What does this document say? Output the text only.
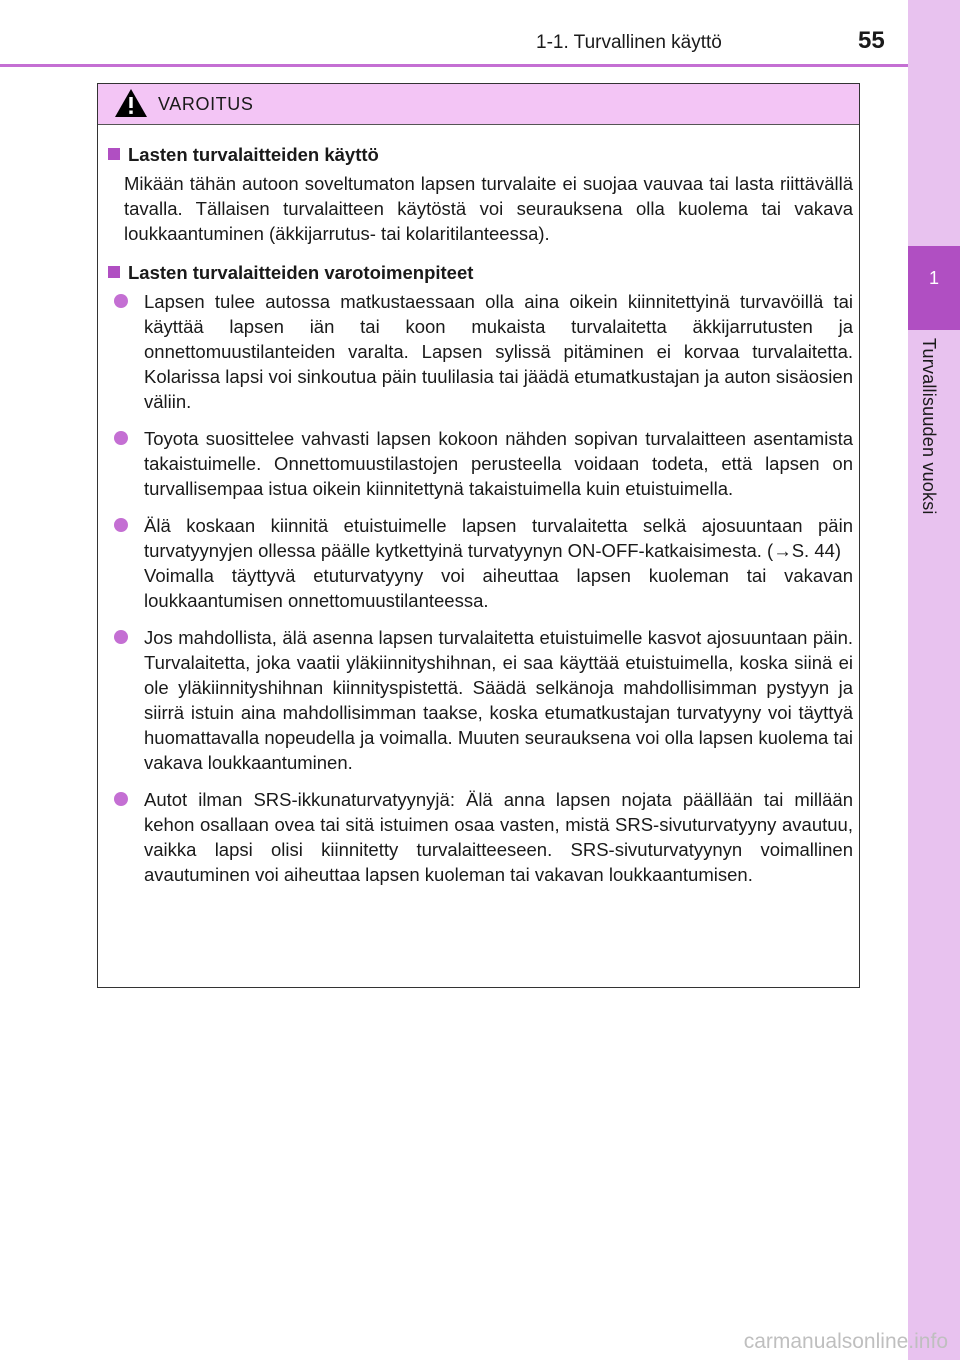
1-1. Turvallinen käyttö	55
1
Turvallisuuden vuoksi
VAROITUS
Lasten turvalaitteiden käyttö

Mikään tähän autoon soveltumaton lapsen turvalaite ei suojaa vauvaa tai lasta riittävällä tavalla. Tällaisen turvalaitteen käytöstä voi seurauksena olla kuolema tai vakava loukkaantuminen (äkkijarrutus- tai kolaritilanteessa).

Lasten turvalaitteiden varotoimenpiteet
Lapsen tulee autossa matkustaessaan olla aina oikein kiinnitettyinä turvavöillä tai käyttää lapsen iän tai koon mukaista turvalaitetta äkkijarrutusten ja onnettomuustilanteiden varalta. Lapsen sylissä pitäminen ei korvaa turvalaitetta. Kolarissa lapsi voi sinkoutua päin tuulilasia tai jäädä etumatkustajan ja auton sisäosien väliin.
Toyota suosittelee vahvasti lapsen kokoon nähden sopivan turvalaitteen asentamista takaistuimelle. Onnettomuustilastojen perusteella voidaan todeta, että lapsen on turvallisempaa istua oikein kiinnitettynä takaistuimella kuin etuistuimella.
Älä koskaan kiinnitä etuistuimelle lapsen turvalaitetta selkä ajosuuntaan päin turvatyynyjen ollessa päälle kytkettyinä turvatyynyn ON-OFF-katkaisimesta. (→S. 44)
Voimalla täyttyvä etuturvatyyny voi aiheuttaa lapsen kuoleman tai vakavan loukkaantumisen onnettomuustilanteessa.
Jos mahdollista, älä asenna lapsen turvalaitetta etuistuimelle kasvot ajosuuntaan päin. Turvalaitetta, joka vaatii yläkiinnityshihnan, ei saa käyttää etuistuimella, koska siinä ei ole yläkiinnityshihnan kiinnityspistettä. Säädä selkänoja mahdollisimman pystyyn ja siirrä istuin aina mahdollisimman taakse, koska etumatkustajan turvatyyny voi täyttyä huomattavalla nopeudella ja voimalla. Muuten seurauksena voi olla lapsen kuolema tai vakava loukkaantuminen.
Autot ilman SRS-ikkunaturvatyynyjä: Älä anna lapsen nojata päällään tai millään kehon osallaan ovea tai sitä istuimen osaa vasten, mistä SRS-sivuturvatyyny avautuu, vaikka lapsi olisi kiinnitetty turvalaitteeseen. SRS-sivuturvatyynyn voimallinen avautuminen voi aiheuttaa lapsen kuoleman tai vakavan loukkaantumisen.
carmanualsonline.info
